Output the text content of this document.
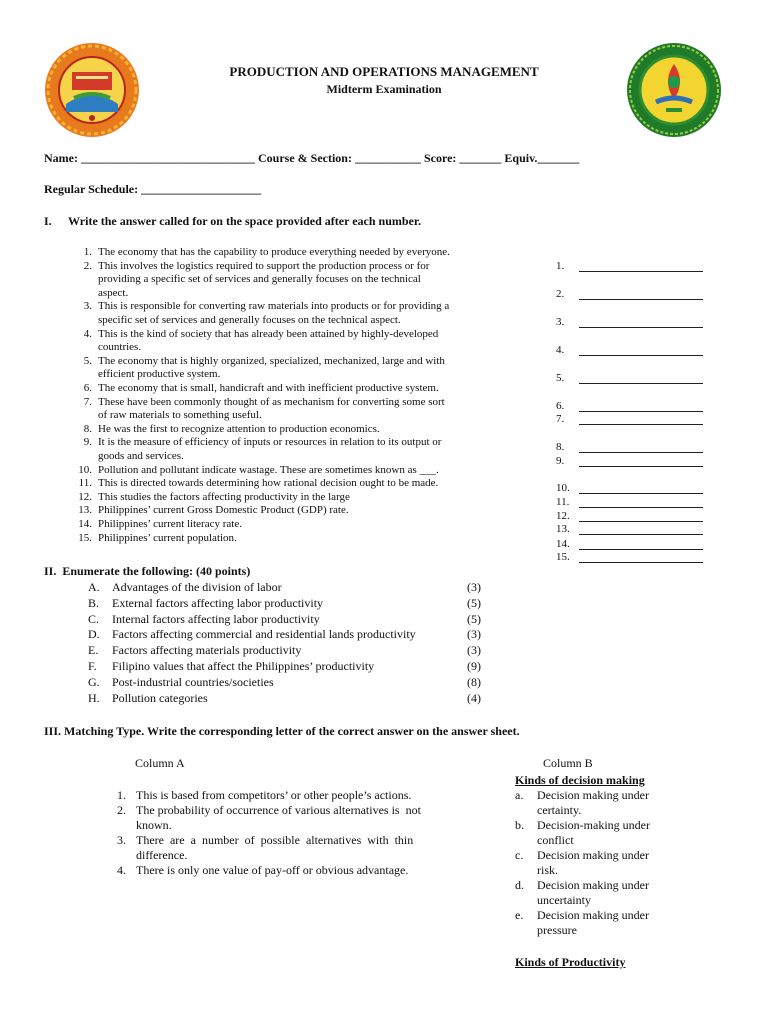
PRODUCTION AND OPERATIONS MANAGEMENT
Midterm Examination
Name: _____________________________ Course & Section: ___________ Score: _______ Equiv._______
Regular Schedule: ____________________
I. Write the answer called for on the space provided after each number.
1. The economy that has the capability to produce everything needed by everyone.
2. This involves the logistics required to support the production process or for
providing a specific set of services and generally focuses on the technical
aspect.
3. This is responsible for converting raw materials into products or for providing a
specific set of services and generally focuses on the technical aspect.
4. This is the kind of society that has already been attained by highly-developed
countries.
5. The economy that is highly organized, specialized, mechanized, large and with
efficient productive system.
6. The economy that is small, handicraft and with inefficient productive system.
7. These have been commonly thought of as mechanism for converting some sort
of raw materials to something useful.
8. He was the first to recognize attention to production economics.
9. It is the measure of efficiency of inputs or resources in relation to its output or
goods and services.
10. Pollution and pollutant indicate wastage. These are sometimes known as ___.
11. This is directed towards determining how rational decision ought to be made.
12. This studies the factors affecting productivity in the large
13. Philippines’ current Gross Domestic Product (GDP) rate.
14. Philippines’ current literacy rate.
15. Philippines’ current population.
1.
2.
3.
4.
5.
6.
7.
8.
9.
10.
11.
12.
13.
14.
15.
II.  Enumerate the following: (40 points)
A. Advantages of the division of labor	(3)
B. External factors affecting labor productivity	(5)
C. Internal factors affecting labor productivity	(5)
D. Factors affecting commercial and residential lands productivity	(3)
E. Factors affecting materials productivity	(3)
F. Filipino values that affect the Philippines’ productivity	(9)
G. Post-industrial countries/societies	(8)
H. Pollution categories	(4)
III. Matching Type. Write the corresponding letter of the correct answer on the answer sheet.
Column A	Column B
Kinds of decision making
1. This is based from competitors’ or other people’s actions.
2. The probability of occurrence of various alternatives is  not
known.
3. There  are  a  number  of  possible  alternatives  with  thin
difference.
4. There is only one value of pay-off or obvious advantage.
a. Decision making under
certainty.
b. Decision-making under
conflict
c. Decision making under
risk.
d. Decision making under
uncertainty
e. Decision making under
pressure
Kinds of Productivity
